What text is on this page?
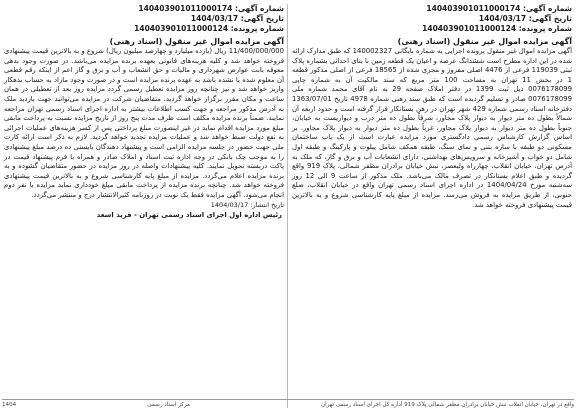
شماره آگهی: 140403901011000174
تاریخ آگهی: 1404/03/17
شماره پرونده: 140403901011000124
آگهی مزایده اموال غیر منقول (اسناد رهنی)
آگهی مزایده اموال غیر منقول پرونده اجرایی به شماره بایگانی 140002327 که طبق مدارک ارائه شده در این اداره مطرح است ششدانگ عرصه و اعیان یک قطعه زمین با بنای احداثی بشماره پلاک ثبتی 119039 فرعی از 4476 اصلی مفروز و مجزی شده از 18565 فرعی از اصلی مذکور قطعه 1 در بخش 11 تهران به مساحت 100 متر مربع که سند مالکیت آن به شماره چاپی 0076178099 ذیل ثبت 1399 در دفتر املاک صفحه 29 به نام آقای محمد شماره ملی 0076178099 صادر و تسلیم گردیده است که طبق سند رهنی شماره 4978 تاریخ 1363/07/01 دفترخانه اسناد رسمی شماره 429 شهر تهران در رهن بستانکار قرار گرفته است و حدود اربعه آن شمالاً بطول ده متر دیوار به دیوار پلاک مجاور، شرقاً بطول ده متر درب و دیواریست به خیابان، جنوباً بطول ده متر دیوار به دیوار پلاک مجاور، غرباً بطول ده متر دیوار به دیوار پلاک مجاور. بر اساس گزارش کارشناس رسمی دادگستری مورد مزایده عبارت است از یک باب ساختمان مسکونی دو طبقه با سازه بتنی و نمای سنگ، طبقه همکف شامل پیلوت و پارکینگ و طبقه اول شامل دو خواب و آشپزخانه و سرویس‌های بهداشتی، دارای انشعابات آب و برق و گاز، که ملک به آدرس تهران، خیابان انقلاب، چهارراه ولیعصر، نبش خیابان برادران مظفر شمالی، پلاک 919 واقع گردیده و طبق اعلام بستانکار در تصرف مالک می‌باشد. ملک مذکور از ساعت 9 الی 12 روز سه‌شنبه مورخ 1404/04/24 در اداره اجرای اسناد رسمی تهران واقع در خیابان انقلاب، ضلع جنوبی، از طریق مزایده به فروش می‌رسد. مزایده از مبلغ پایه کارشناسی شروع و به بالاترین قیمت پیشنهادی فروخته خواهد شد.
شماره آگهی: 140403901011000174
تاریخ آگهی: 1404/03/17
شماره پرونده: 140403901011000124
آگهی مزایده اموال غیر منقول (اسناد رهنی)
11/400/000/000 ریال (یازده میلیارد و چهارصد میلیون ریال) شروع و به بالاترین قیمت پیشنهادی فروخته خواهد شد و کلیه هزینه‌های قانونی بعهده برنده مزایده می‌باشد. در صورت وجود بدهی معوقه بابت عوارض شهرداری و مالیات و حق انشعاب و آب و برق و گاز اعم از اینکه رقم قطعی آن معلوم شده یا نشده باشد به عهده برنده مزایده است و در صورت وجود مازاد به حساب بدهکار واریز خواهد شد و نیز چنانچه روز مزایده تعطیل رسمی گردد مزایده روز بعد از تعطیلی در همان ساعت و مکان مقرر برگزار خواهد گردید. متقاضیان شرکت در مزایده می‌توانند جهت بازدید ملک به آدرس مذکور مراجعه و جهت کسب اطلاعات بیشتر به اداره اجرای اسناد رسمی تهران مراجعه نمایند. ضمناً برنده مزایده مکلف است ظرف مدت پنج روز از تاریخ مزایده نسبت به پرداخت مابقی مبلغ مورد مزایده اقدام نماید در غیر اینصورت مبلغ پرداختی پس از کسر هزینه‌های عملیات اجرائی به نفع دولت ضبط خواهد شد و عملیات مزایده تجدید خواهد گردید. لازم به ذکر است ارائه کارت ملی جهت حضور در جلسه مزایده الزامی است و پیشنهاد دهندگان بایستی ده درصد مبلغ پیشنهادی را به موجب چک بانکی در وجه اداره ثبت اسناد و املاک صادر و همراه با فرم پیشنهاد قیمت در پاکت دربسته تحویل نمایند. کلیه پیشنهادات واصله در روز مزایده در حضور متقاضیان گشوده و به برنده مزایده اعلام می‌گردد. مزایده از مبلغ پایه کارشناسی شروع و به بالاترین قیمت پیشنهادی فروخته خواهد شد. چنانچه برنده مزایده از پرداخت مابقی مبلغ خودداری نماید مزایده با نفر دوم انجام می‌شود. آگهی مزایده فقط یک نوبت در روزنامه کثیرالانتشار درج و منتشر می‌گردد.
تاریخ انتشار: 1404/03/17
رئیس اداره اول اجرای اسناد رسمی تهران - فرید اسعد
واقع در تهران، خیابان انقلاب نبش خیابان برادران مظفر شمالی پلاک 919 اداره کل اجرای اسناد رسمی تهران
مرکز اسناد رسمی
1404
